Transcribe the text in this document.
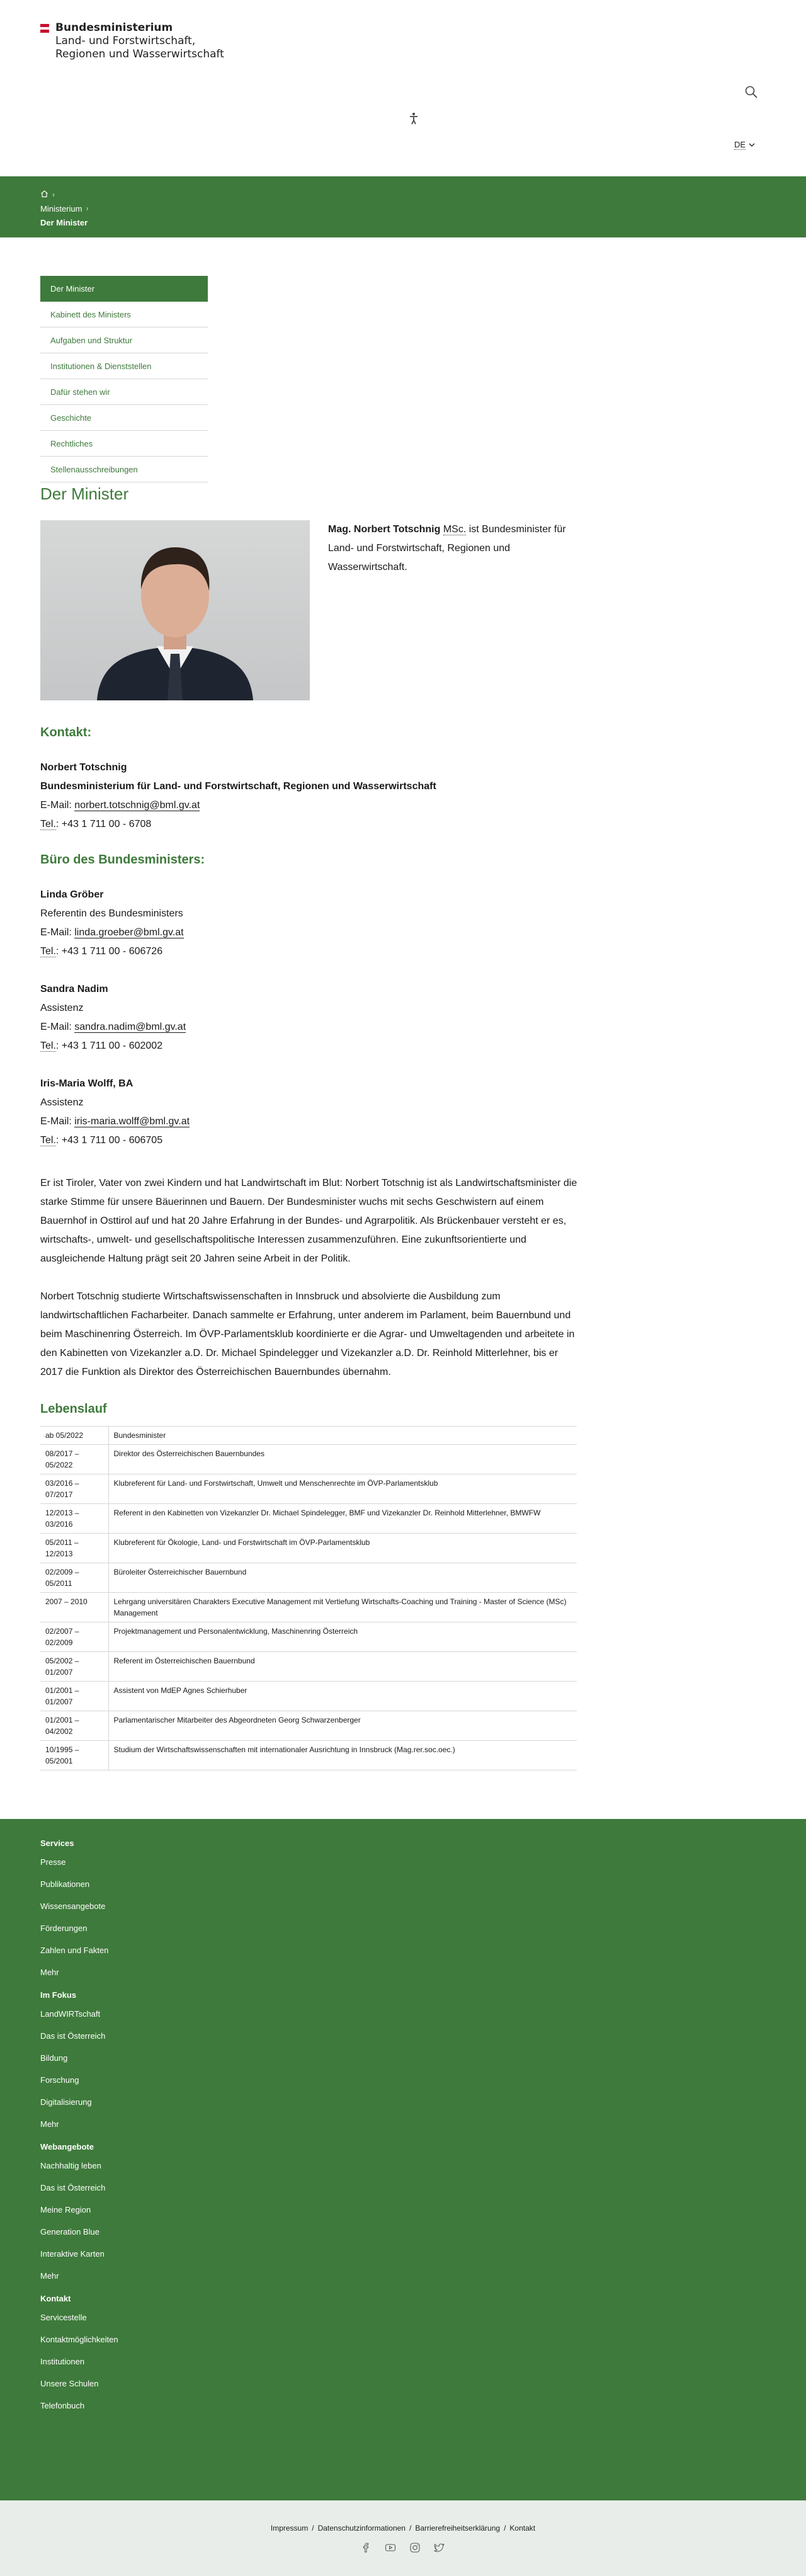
Bundesministerium
Land- und Forstwirtschaft,
Regionen und Wasserwirtschaft
DE
›
Ministerium ›
Der Minister
Der Minister
Kabinett des Ministers
Aufgaben und Struktur
Institutionen & Dienststellen
Dafür stehen wir
Geschichte
Rechtliches
Stellenausschreibungen
Der Minister
Mag. Norbert Totschnig MSc. ist Bundesminister für Land- und Forstwirtschaft, Regionen und Wasserwirtschaft.
Kontakt:
Norbert Totschnig
Bundesministerium für Land- und Forstwirtschaft, Regionen und Wasserwirtschaft
E-Mail: norbert.totschnig@bml.gv.at
Tel.: +43 1 711 00 - 6708
Büro des Bundesministers:
Linda Gröber
Referentin des Bundesministers
E-Mail: linda.groeber@bml.gv.at
Tel.: +43 1 711 00 - 606726
Sandra Nadim
Assistenz
E-Mail: sandra.nadim@bml.gv.at
Tel.: +43 1 711 00 - 602002
Iris-Maria Wolff, BA
Assistenz
E-Mail: iris-maria.wolff@bml.gv.at
Tel.: +43 1 711 00 - 606705

Er ist Tiroler, Vater von zwei Kindern und hat Landwirtschaft im Blut: Norbert Totschnig ist als Landwirtschaftsminister die starke Stimme für unsere Bäuerinnen und Bauern. Der Bundesminister wuchs mit sechs Geschwistern auf einem Bauernhof in Osttirol auf und hat 20 Jahre Erfahrung in der Bundes- und Agrarpolitik. Als Brückenbauer versteht er es, wirtschafts-, umwelt- und gesellschaftspolitische Interessen zusammenzuführen. Eine zukunftsorientierte und ausgleichende Haltung prägt seit 20 Jahren seine Arbeit in der Politik.

Norbert Totschnig studierte Wirtschaftswissenschaften in Innsbruck und absolvierte die Ausbildung zum landwirtschaftlichen Facharbeiter. Danach sammelte er Erfahrung, unter anderem im Parlament, beim Bauernbund und beim Maschinenring Österreich. Im ÖVP-Parlamentsklub koordinierte er die Agrar- und Umweltagenden und arbeitete in den Kabinetten von Vizekanzler a.D. Dr. Michael Spindelegger und Vizekanzler a.D. Dr. Reinhold Mitterlehner, bis er 2017 die Funktion als Direktor des Österreichischen Bauernbundes übernahm.

Lebenslauf
ab 05/2022	Bundesminister
08/2017 – 05/2022	Direktor des Österreichischen Bauernbundes
03/2016 – 07/2017	Klubreferent für Land- und Forstwirtschaft, Umwelt und Menschenrechte im ÖVP-Parlamentsklub
12/2013 – 03/2016	Referent in den Kabinetten von Vizekanzler Dr. Michael Spindelegger, BMF und Vizekanzler Dr. Reinhold Mitterlehner, BMWFW
05/2011 – 12/2013	Klubreferent für Ökologie, Land- und Forstwirtschaft im ÖVP-Parlamentsklub
02/2009 – 05/2011	Büroleiter Österreichischer Bauernbund
2007 – 2010	Lehrgang universitären Charakters Executive Management mit Vertiefung Wirtschafts-Coaching und Training - Master of Science (MSc) Management
02/2007 – 02/2009	Projektmanagement und Personalentwicklung, Maschinenring Österreich
05/2002 – 01/2007	Referent im Österreichischen Bauernbund
01/2001 – 01/2007	Assistent von MdEP Agnes Schierhuber
01/2001 – 04/2002	Parlamentarischer Mitarbeiter des Abgeordneten Georg Schwarzenberger
10/1995 – 05/2001	Studium der Wirtschaftswissenschaften mit internationaler Ausrichtung in Innsbruck (Mag.rer.soc.oec.)
Services
Presse
Publikationen
Wissensangebote
Förderungen
Zahlen und Fakten
Mehr
Im Fokus
LandWIRTschaft
Das ist Österreich
Bildung
Forschung
Digitalisierung
Mehr
Webangebote
Nachhaltig leben
Das ist Österreich
Meine Region
Generation Blue
Interaktive Karten
Mehr
Kontakt
Servicestelle
Kontaktmöglichkeiten
Institutionen
Unsere Schulen
Telefonbuch
Impressum / Datenschutzinformationen / Barrierefreiheitserklärung / Kontakt
